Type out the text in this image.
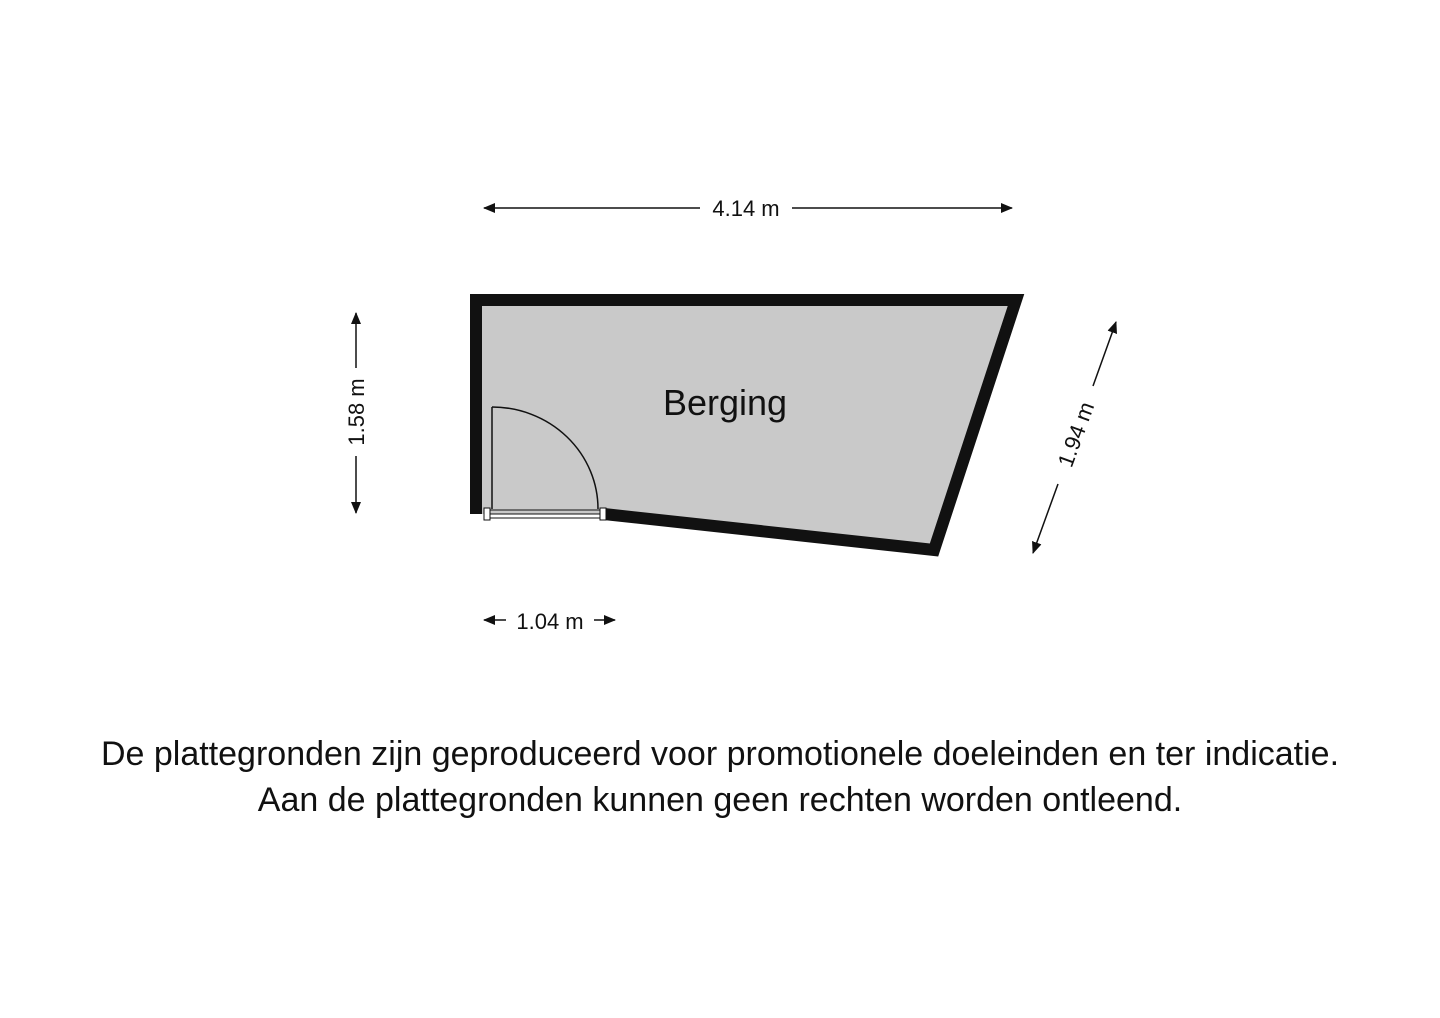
Berging
4.14 m
1.58 m	1.94 m
1.04 m

De plattegronden zijn geproduceerd voor promotionele doeleinden en ter indicatie.

Aan de plattegronden kunnen geen rechten worden ontleend.
